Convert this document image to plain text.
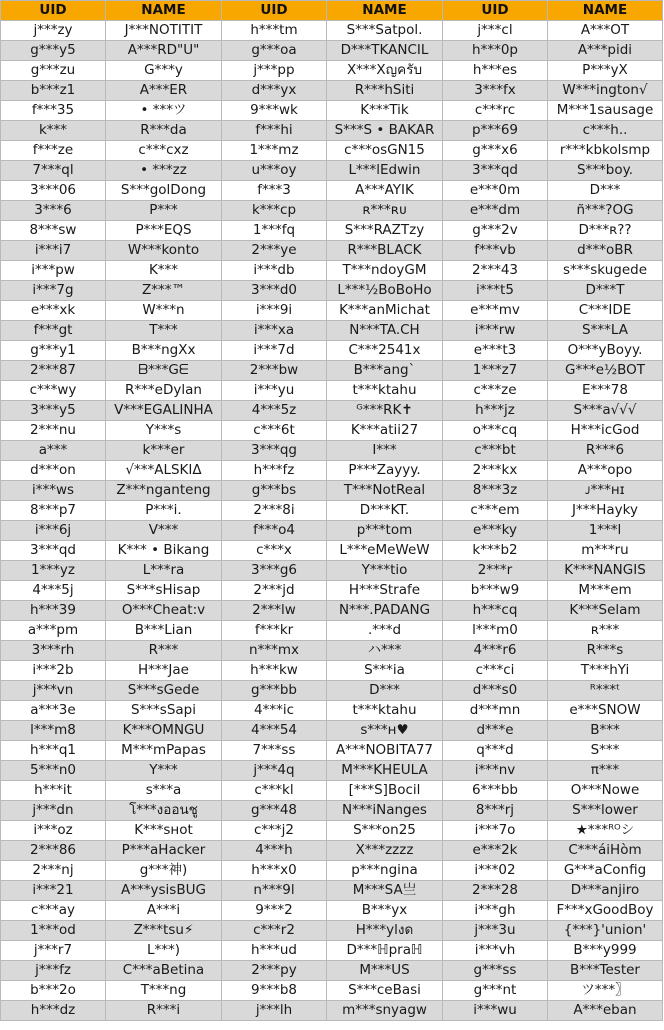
UID	NAME	UID	NAME	UID	NAME
j***zy	J***NOTITIT	h***tm	S***Satpol.	j***cl	A***OT
g***y5	A***RD"U"	g***oa	D***TKANCIL	h***0p	A***pidi
g***zu	G***y	j***pp	X***Xญครับ	h***es	P***yX
b***z1	A***ER	d***yx	R***hSiti	3***fx	W***ington√
f***35	• ***ツ	9***wk	K***Tik	c***rc	M***1sausage
k***	R***da	f***hi	S***S • BAKAR	p***69	c***h..
f***ze	c***cxz	1***mz	c***osGN15	g***x6	r***kbkolsmp
7***ql	• ***zz	u***oy	L***lEdwin	3***qd	S***boy.
3***06	S***golDong	f***3	A***AYIK	e***0m	D***
3***6	P***	k***cp	ʀ***ʀᴜ	e***dm	ñ***?OG
8***sw	P***EQS	1***fq	S***RAZTzy	g***2v	D***ʀ??
i***i7	W***konto	2***ye	R***BLACK	f***vb	d***oBR
i***pw	K***	i***db	T***ndoyGM	2***43	s***skugede
i***7g	Z***™	3***d0	L***½BoBoHo	i***t5	D***T
e***xk	W***n	i***9i	K***anMichat	e***mv	C***IDE
f***gt	T***	i***xa	N***TA.CH	i***rw	S***LA
g***y1	B***ngXx	i***7d	C***2541x	e***t3	O***yBoyy.
2***87	ᗷ***Gᗴ	2***bw	B***ang`	1***z7	G***e½BOT
c***wy	R***eDylan	i***yu	t***ktahu	c***ze	E***78
3***y5	V***EGALINHA	4***5z	ᴳ***RK✝	h***jz	S***a√√√
2***nu	Y***s	c***6t	K***atii27	o***cq	H***icGod
a***	k***er	3***qg	I***	c***bt	R***6
d***on	√***ALSKIΔ	h***fz	P***Zayyy.	2***kx	A***opo
i***ws	Z***nganteng	g***bs	T***NotReal	8***3z	ᴊ***ʜɪ
8***p7	P***i.	2***8i	D***KT.	c***em	J***Hayky
i***6j	V***	f***o4	p***tom	e***ky	1***l
3***qd	K*** • Bikang	c***x	L***eMeWeW	k***b2	m***ru
1***yz	L***ra	3***g6	Y***tio	2***r	K***NANGIS
4***5j	S***sHisap	2***jd	H***Strafe	b***w9	M***em
h***39	O***Cheat:v	2***lw	N***.PADANG	h***cq	K***Selam
a***pm	B***Lian	f***kr	.***d	l***m0	ʀ***
3***rh	R***	n***mx	ハ***	4***r6	R***s
i***2b	H***Jae	h***kw	S***ia	c***ci	T***hYi
j***vn	S***sGede	g***bb	D***	d***s0	ᴿ***ᵗ
a***3e	S***sSapi	4***ic	t***ktahu	d***mn	e***SNOW
l***m8	K***OMNGU	4***54	s***ʜ♥	d***e	B***
h***q1	M***mPapas	7***ss	A***NOBITA77	q***d	S***
5***n0	Y***	j***4q	M***KHEULA	i***nv	π***
h***it	s***a	c***kl	[***S]Bocil	6***bb	O***Nowe
j***dn	โ***งออนชู	g***48	N***iNanges	8***rj	S***lower
i***oz	K***sʜot	c***j2	S***on25	i***7o	★***ᴿᴼシ
2***86	P***aHacker	4***h	X***zzzz	e***2k	C***áiHòm
2***nj	g***神)	h***x0	p***ngina	i***02	G***aConfig
i***21	A***ysisBUG	n***9l	M***SA亗	2***28	D***anjiro
c***ay	A***i	9***2	B***yx	i***gh	F***xGoodBoy
1***od	Z***tsu⚡	c***r2	H***ylงด	j***3u	{***}'union'
j***r7	L***)	h***ud	D***ℍpraℍ	i***vh	B***y999
j***fz	C***aBetina	2***py	M***US	g***ss	B***Tester
b***2o	T***ng	9***b8	S***ceBasi	g***nt	ツ***〗
h***dz	R***i	j***lh	m***snyagw	i***wu	A***eban
